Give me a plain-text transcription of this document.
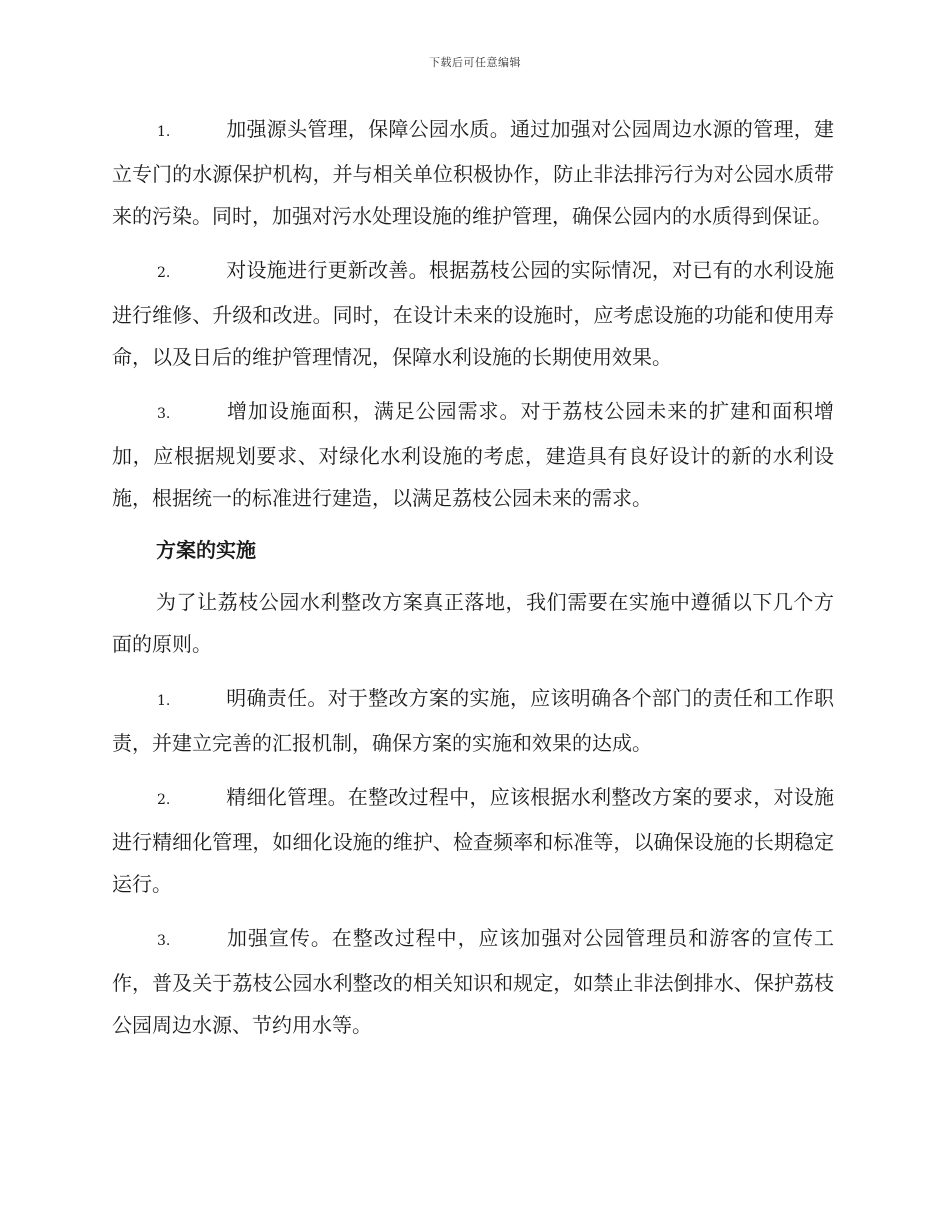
下载后可任意编辑

1.	加强源头管理，保障公园水质。通过加强对公园周边水源的管理，建立专门的水源保护机构，并与相关单位积极协作，防止非法排污行为对公园水质带来的污染。同时，加强对污水处理设施的维护管理，确保公园内的水质得到保证。

2.	对设施进行更新改善。根据荔枝公园的实际情况，对已有的水利设施进行维修、升级和改进。同时，在设计未来的设施时，应考虑设施的功能和使用寿命，以及日后的维护管理情况，保障水利设施的长期使用效果。

3.	增加设施面积，满足公园需求。对于荔枝公园未来的扩建和面积增加，应根据规划要求、对绿化水利设施的考虑，建造具有良好设计的新的水利设施，根据统一的标准进行建造，以满足荔枝公园未来的需求。

方案的实施

为了让荔枝公园水利整改方案真正落地，我们需要在实施中遵循以下几个方面的原则。

1.	明确责任。对于整改方案的实施，应该明确各个部门的责任和工作职责，并建立完善的汇报机制，确保方案的实施和效果的达成。

2.	精细化管理。在整改过程中，应该根据水利整改方案的要求，对设施进行精细化管理，如细化设施的维护、检查频率和标准等，以确保设施的长期稳定运行。

3.	加强宣传。在整改过程中，应该加强对公园管理员和游客的宣传工作，普及关于荔枝公园水利整改的相关知识和规定，如禁止非法倒排水、保护荔枝公园周边水源、节约用水等。
